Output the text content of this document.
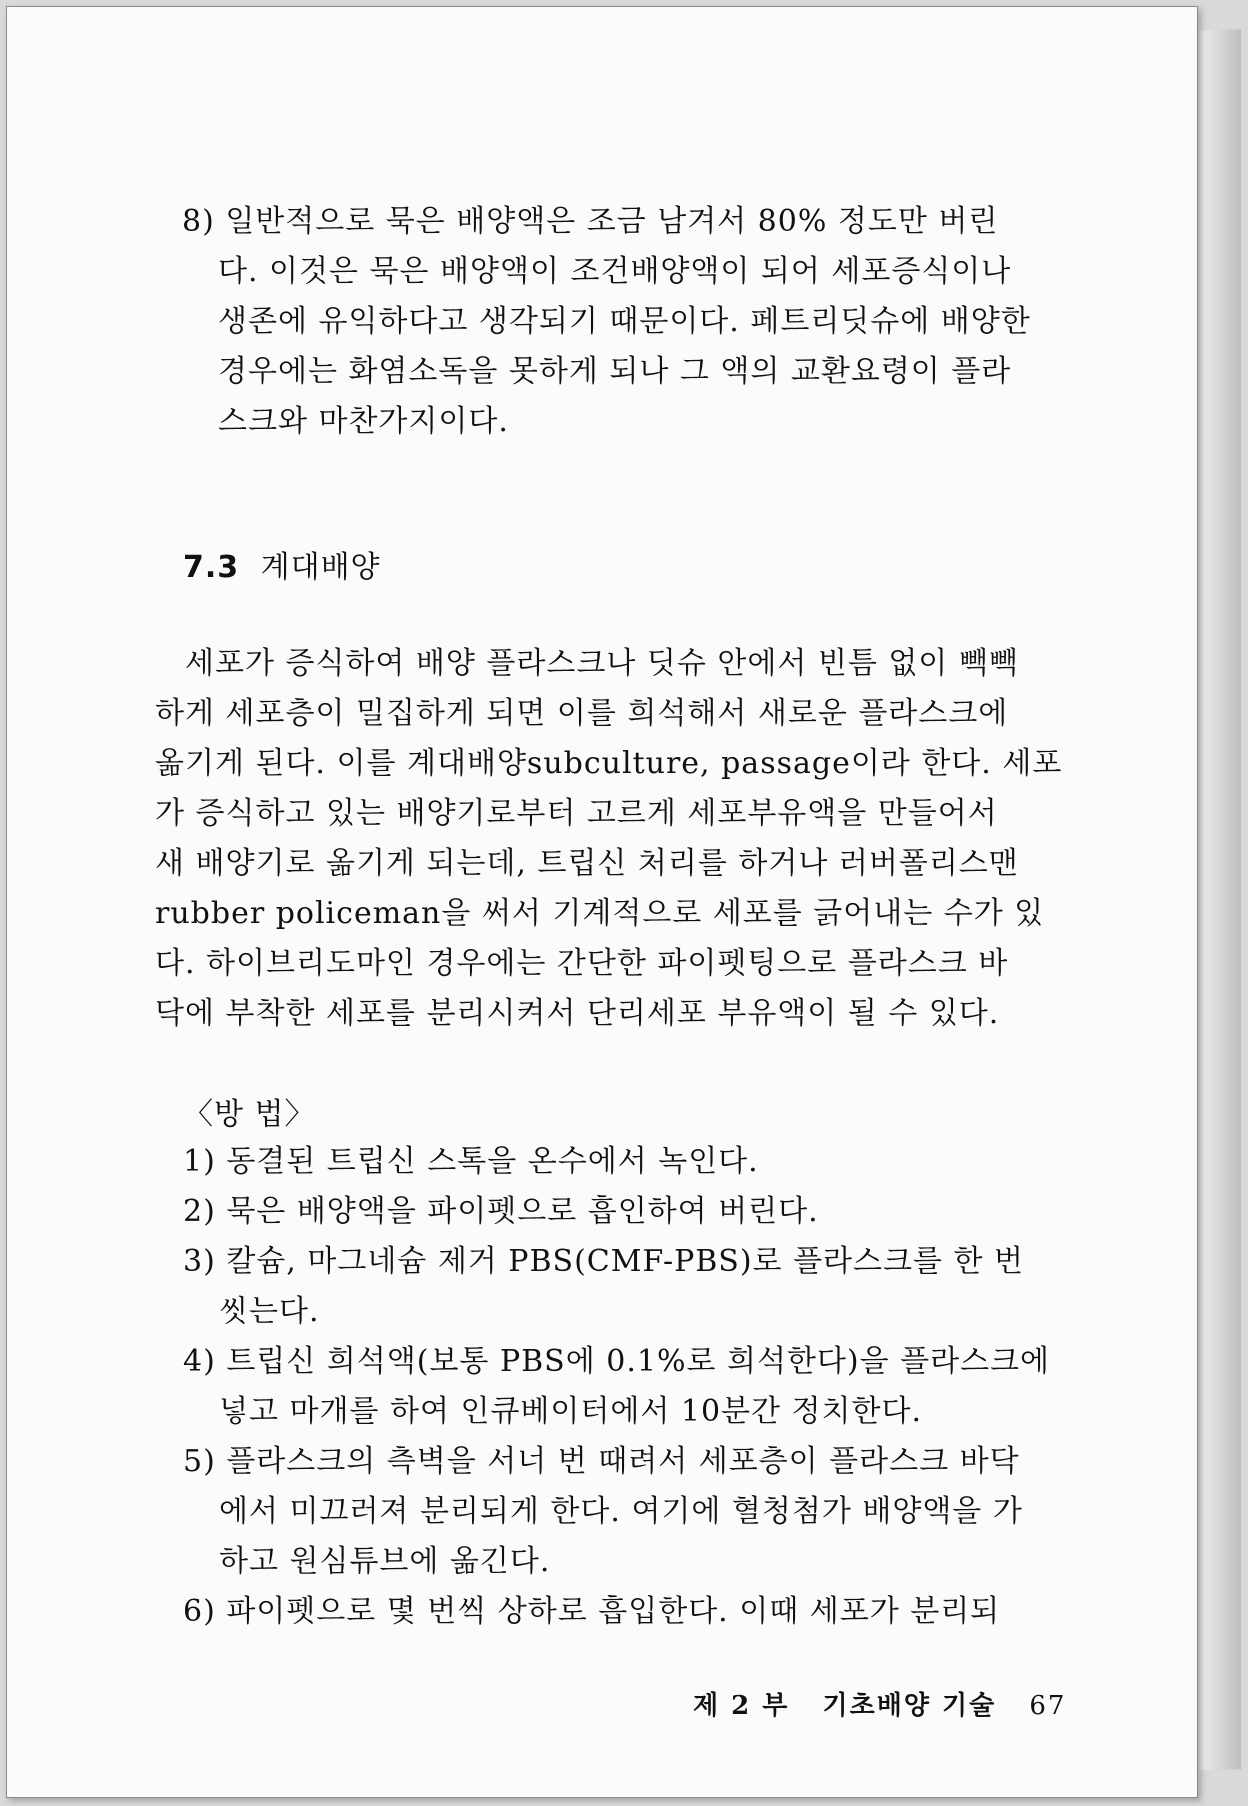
8) 일반적으로 묵은 배양액은 조금 남겨서 80% 정도만 버린
다. 이것은 묵은 배양액이 조건배양액이 되어 세포증식이나
생존에 유익하다고 생각되기 때문이다. 페트리딧슈에 배양한
경우에는 화염소독을 못하게 되나 그 액의 교환요령이 플라
스크와 마찬가지이다.
7.3 계대배양
세포가 증식하여 배양 플라스크나 딧슈 안에서 빈틈 없이 빽빽
하게 세포층이 밀집하게 되면 이를 희석해서 새로운 플라스크에
옮기게 된다. 이를 계대배양subculture, passage이라 한다. 세포
가 증식하고 있는 배양기로부터 고르게 세포부유액을 만들어서
새 배양기로 옮기게 되는데, 트립신 처리를 하거나 러버폴리스맨
rubber policeman을 써서 기계적으로 세포를 긁어내는 수가 있
다. 하이브리도마인 경우에는 간단한 파이펫팅으로 플라스크 바
닥에 부착한 세포를 분리시켜서 단리세포 부유액이 될 수 있다.
〈방 법〉
1) 동결된 트립신 스톡을 온수에서 녹인다.
2) 묵은 배양액을 파이펫으로 흡인하여 버린다.
3) 칼슘, 마그네슘 제거 PBS(CMF-PBS)로 플라스크를 한 번
씻는다.
4) 트립신 희석액(보통 PBS에 0.1%로 희석한다)을 플라스크에
넣고 마개를 하여 인큐베이터에서 10분간 정치한다.
5) 플라스크의 측벽을 서너 번 때려서 세포층이 플라스크 바닥
에서 미끄러져 분리되게 한다. 여기에 혈청첨가 배양액을 가
하고 원심튜브에 옮긴다.
6) 파이펫으로 몇 번씩 상하로 흡입한다. 이때 세포가 분리되
제 2 부 기초배양 기술 67
